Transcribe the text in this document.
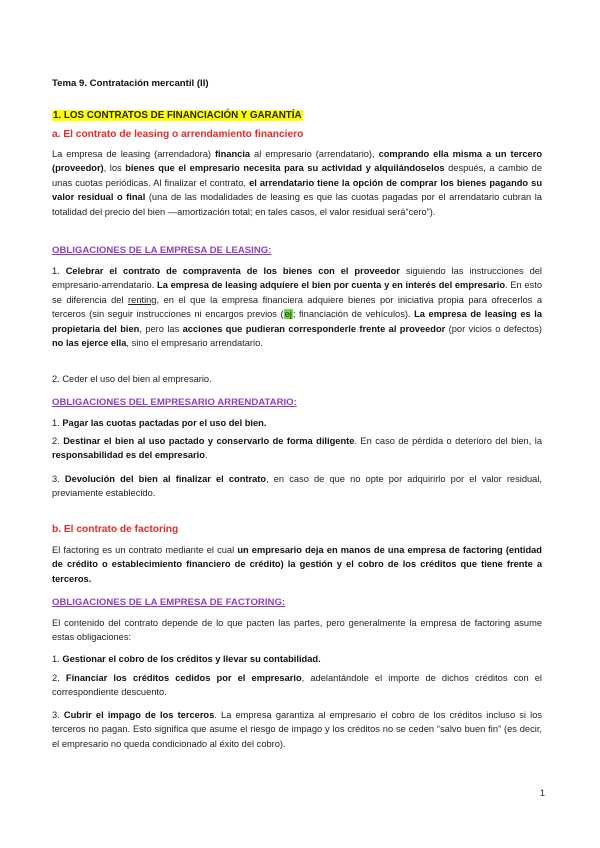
Tema 9. Contratación mercantil (II)
1. LOS CONTRATOS DE FINANCIACIÓN Y GARANTÍA
a. El contrato de leasing o arrendamiento financiero
La empresa de leasing (arrendadora) financia al empresario (arrendatario), comprando ella misma a un tercero (proveedor), los bienes que el empresario necesita para su actividad y alquilándoselos después, a cambio de unas cuotas periódicas. Al finalizar el contrato, el arrendatario tiene la opción de comprar los bienes pagando su valor residual o final (una de las modalidades de leasing es que las cuotas pagadas por el arrendatario cubran la totalidad del precio del bien —amortización total; en tales casos, el valor residual será“cero”).
OBLIGACIONES DE LA EMPRESA DE LEASING:
1. Celebrar el contrato de compraventa de los bienes con el proveedor siguiendo las instrucciones del empresario-arrendatario. La empresa de leasing adquiere el bien por cuenta y en interés del empresario. En esto se diferencia del renting, en el que la empresa financiera adquiere bienes por iniciativa propia para ofrecerlos a terceros (sin seguir instrucciones ni encargos previos (ej; financiación de vehículos). La empresa de leasing es la propietaria del bien, pero las acciones que pudieran corresponderle frente al proveedor (por vicios o defectos) no las ejerce ella, sino el empresario arrendatario.
2. Ceder el uso del bien al empresario.
OBLIGACIONES DEL EMPRESARIO ARRENDATARIO:
1. Pagar las cuotas pactadas por el uso del bien.
2. Destinar el bien al uso pactado y conservarlo de forma diligente. En caso de pérdida o deterioro del bien, la responsabilidad es del empresario.
3. Devolución del bien al finalizar el contrato, en caso de que no opte por adquirirlo por el valor residual, previamente establecido.
b. El contrato de factoring
El factoring es un contrato mediante el cual un empresario deja en manos de una empresa de factoring (entidad de crédito o establecimiento financiero de crédito) la gestión y el cobro de los créditos que tiene frente a terceros.
OBLIGACIONES DE LA EMPRESA DE FACTORING:
El contenido del contrato depende de lo que pacten las partes, pero generalmente la empresa de factoring asume estas obligaciones:
1. Gestionar el cobro de los créditos y llevar su contabilidad.
2. Financiar los créditos cedidos por el empresario, adelantándole el importe de dichos créditos con el correspondiente descuento.
3. Cubrir el impago de los terceros. La empresa garantiza al empresario el cobro de los créditos incluso si los terceros no pagan. Esto significa que asume el riesgo de impago y los créditos no se ceden “salvo buen fin” (es decir, el empresario no queda condicionado al éxito del cobro).
1
